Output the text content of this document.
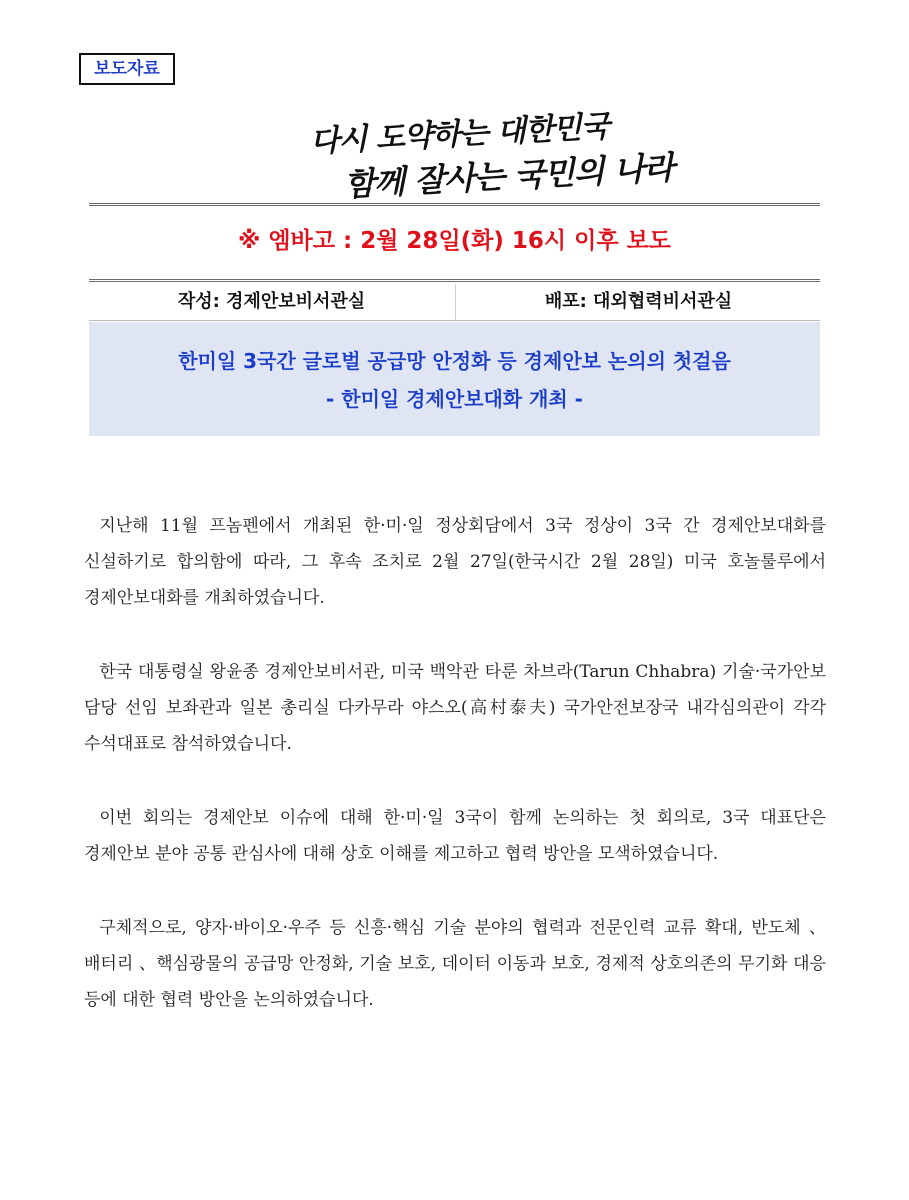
보도자료
다시 도약하는 대한민국
함께 잘사는 국민의 나라
※ 엠바고 : 2월 28일(화) 16시 이후 보도
작성: 경제안보비서관실	배포: 대외협력비서관실
한미일 3국간 글로벌 공급망 안정화 등 경제안보 논의의 첫걸음
- 한미일 경제안보대화 개최 -

지난해 11월 프놈펜에서 개최된 한·미·일 정상회담에서 3국 정상이 3국 간 경제안보대화를 신설하기로 합의함에 따라, 그 후속 조치로 2월 27일(한국시간 2월 28일) 미국 호놀룰루에서 경제안보대화를 개최하였습니다.

한국 대통령실 왕윤종 경제안보비서관, 미국 백악관 타룬 차브라(Tarun Chhabra) 기술·국가안보 담당 선임 보좌관과 일본 총리실 다카무라 야스오(高村泰夫) 국가안전보장국 내각심의관이 각각 수석대표로 참석하였습니다.

이번 회의는 경제안보 이슈에 대해 한·미·일 3국이 함께 논의하는 첫 회의로, 3국 대표단은 경제안보 분야 공통 관심사에 대해 상호 이해를 제고하고 협력 방안을 모색하였습니다.

구체적으로, 양자·바이오·우주 등 신흥·핵심 기술 분야의 협력과 전문인력 교류 확대, 반도체 、배터리 、핵심광물의 공급망 안정화, 기술 보호, 데이터 이동과 보호, 경제적 상호의존의 무기화 대응 등에 대한 협력 방안을 논의하였습니다.
